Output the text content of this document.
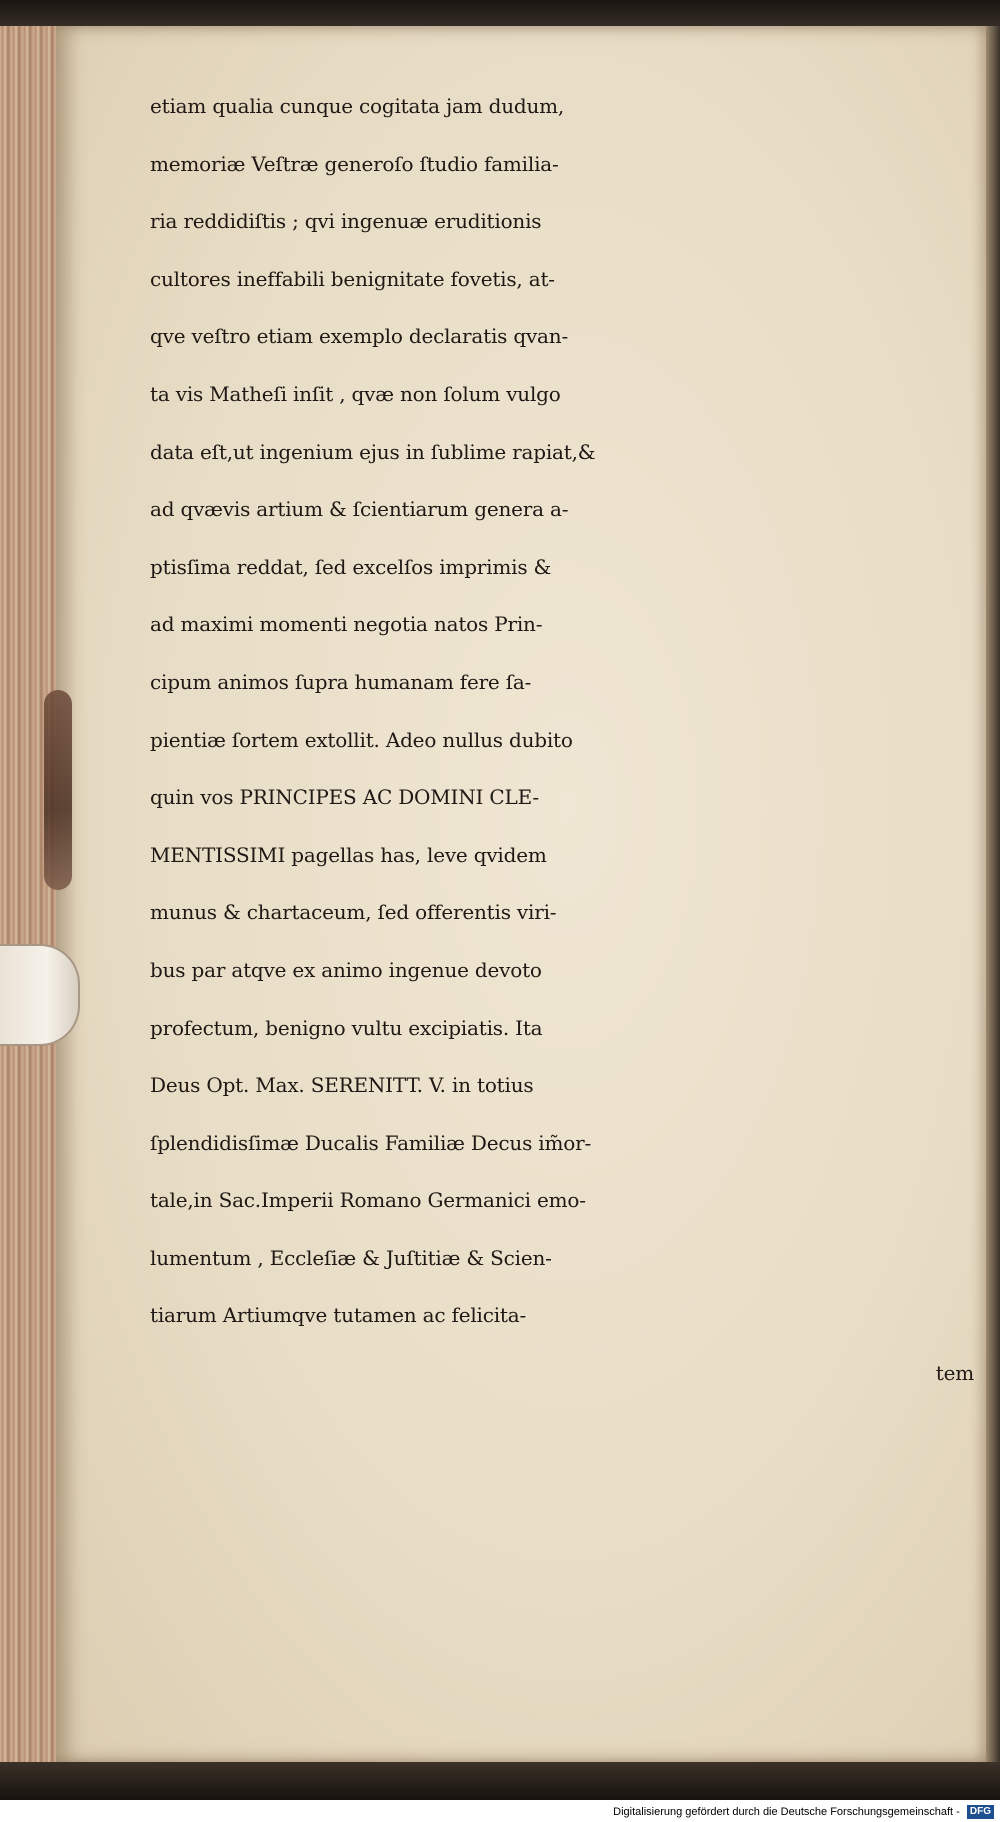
etiam qualia cunque cogitata jam dudum,
memoriæ Veſtræ generoſo ſtudio familia-
ria reddidiſtis ; qvi ingenuæ eruditionis
cultores ineffabili benignitate fovetis, at-
qve veſtro etiam exemplo declaratis qvan-
ta vis Matheſi inſit , qvæ non ſolum vulgo
data eſt,ut ingenium ejus in ſublime rapiat,&
ad qvævis artium & ſcientiarum genera a-
ptisſima reddat, ſed excelſos imprimis &
ad maximi momenti negotia natos Prin-
cipum animos ſupra humanam fere ſa-
pientiæ ſortem extollit. Adeo nullus dubito
quin vos PRINCIPES AC DOMINI CLE-
MENTISSIMI pagellas has, leve qvidem
munus & chartaceum, ſed offerentis viri-
bus par atqve ex animo ingenue devoto
profectum, benigno vultu excipiatis. Ita
Deus Opt. Max. SERENITT. V. in totius
ſplendidisſimæ Ducalis Familiæ Decus im̃or-
tale,in Sac.Imperii Romano Germanici emo-
lumentum , Eccleſiæ & Juſtitiæ & Scien-
tiarum Artiumqve tutamen ac felicita-
tem
Digitalisierung gefördert durch die Deutsche Forschungsgemeinschaft - DFG
